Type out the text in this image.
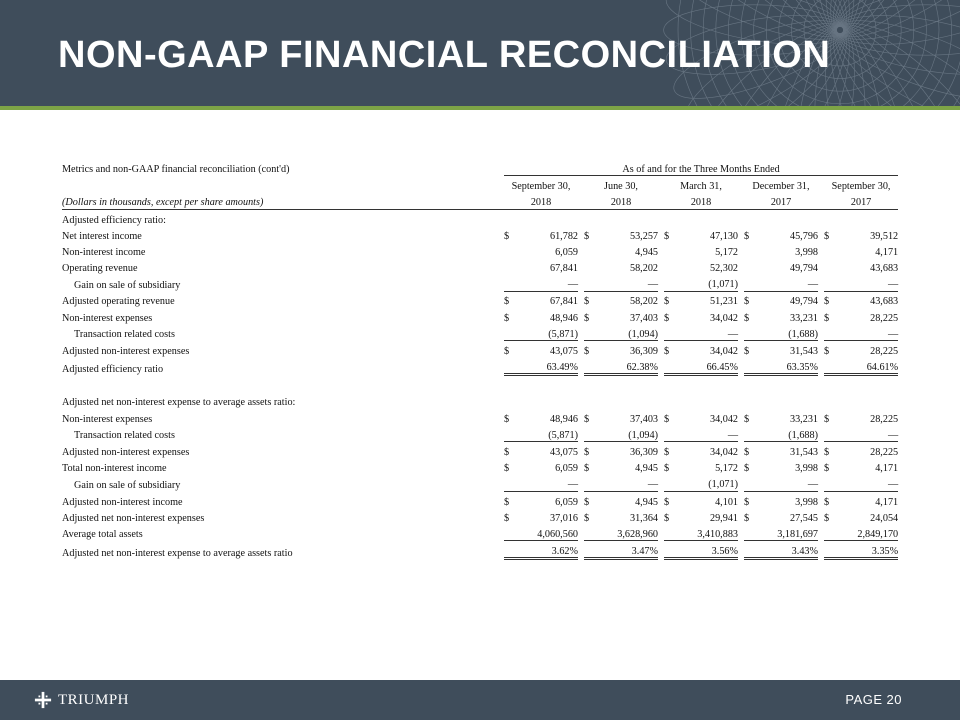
NON-GAAP FINANCIAL RECONCILIATION
Metrics and non-GAAP financial reconciliation (cont'd)		As of and for the Three Months Ended													
		September 30,			June 30,			March 31,			December 31,			September 30,	
(Dollars in thousands, except per share amounts)		2018			2018			2018			2017			2017	
Adjusted efficiency ratio:															
Net interest income		$	61,782		$	53,257		$	47,130		$	45,796		$	39,512
Non-interest income			6,059			4,945			5,172			3,998			4,171
Operating revenue			67,841			58,202			52,302			49,794			43,683
Gain on sale of subsidiary			—			—			(1,071)			—			—
Adjusted operating revenue		$	67,841		$	58,202		$	51,231		$	49,794		$	43,683
Non-interest expenses		$	48,946		$	37,403		$	34,042		$	33,231		$	28,225
Transaction related costs			(5,871)			(1,094)			—			(1,688)			—
Adjusted non-interest expenses		$	43,075		$	36,309		$	34,042		$	31,543		$	28,225
Adjusted efficiency ratio			63.49%			62.38%			66.45%			63.35%			64.61%

Adjusted net non-interest expense to average assets ratio:															
Non-interest expenses		$	48,946		$	37,403		$	34,042		$	33,231		$	28,225
Transaction related costs			(5,871)			(1,094)			—			(1,688)			—
Adjusted non-interest expenses		$	43,075		$	36,309		$	34,042		$	31,543		$	28,225
Total non-interest income		$	6,059		$	4,945		$	5,172		$	3,998		$	4,171
Gain on sale of subsidiary			—			—			(1,071)			—			—
Adjusted non-interest income		$	6,059		$	4,945		$	4,101		$	3,998		$	4,171
Adjusted net non-interest expenses		$	37,016		$	31,364		$	29,941		$	27,545		$	24,054
Average total assets			4,060,560			3,628,960			3,410,883			3,181,697			2,849,170
Adjusted net non-interest expense to average assets ratio			3.62%			3.47%			3.56%			3.43%			3.35%
TRIUMPH	PAGE 20
